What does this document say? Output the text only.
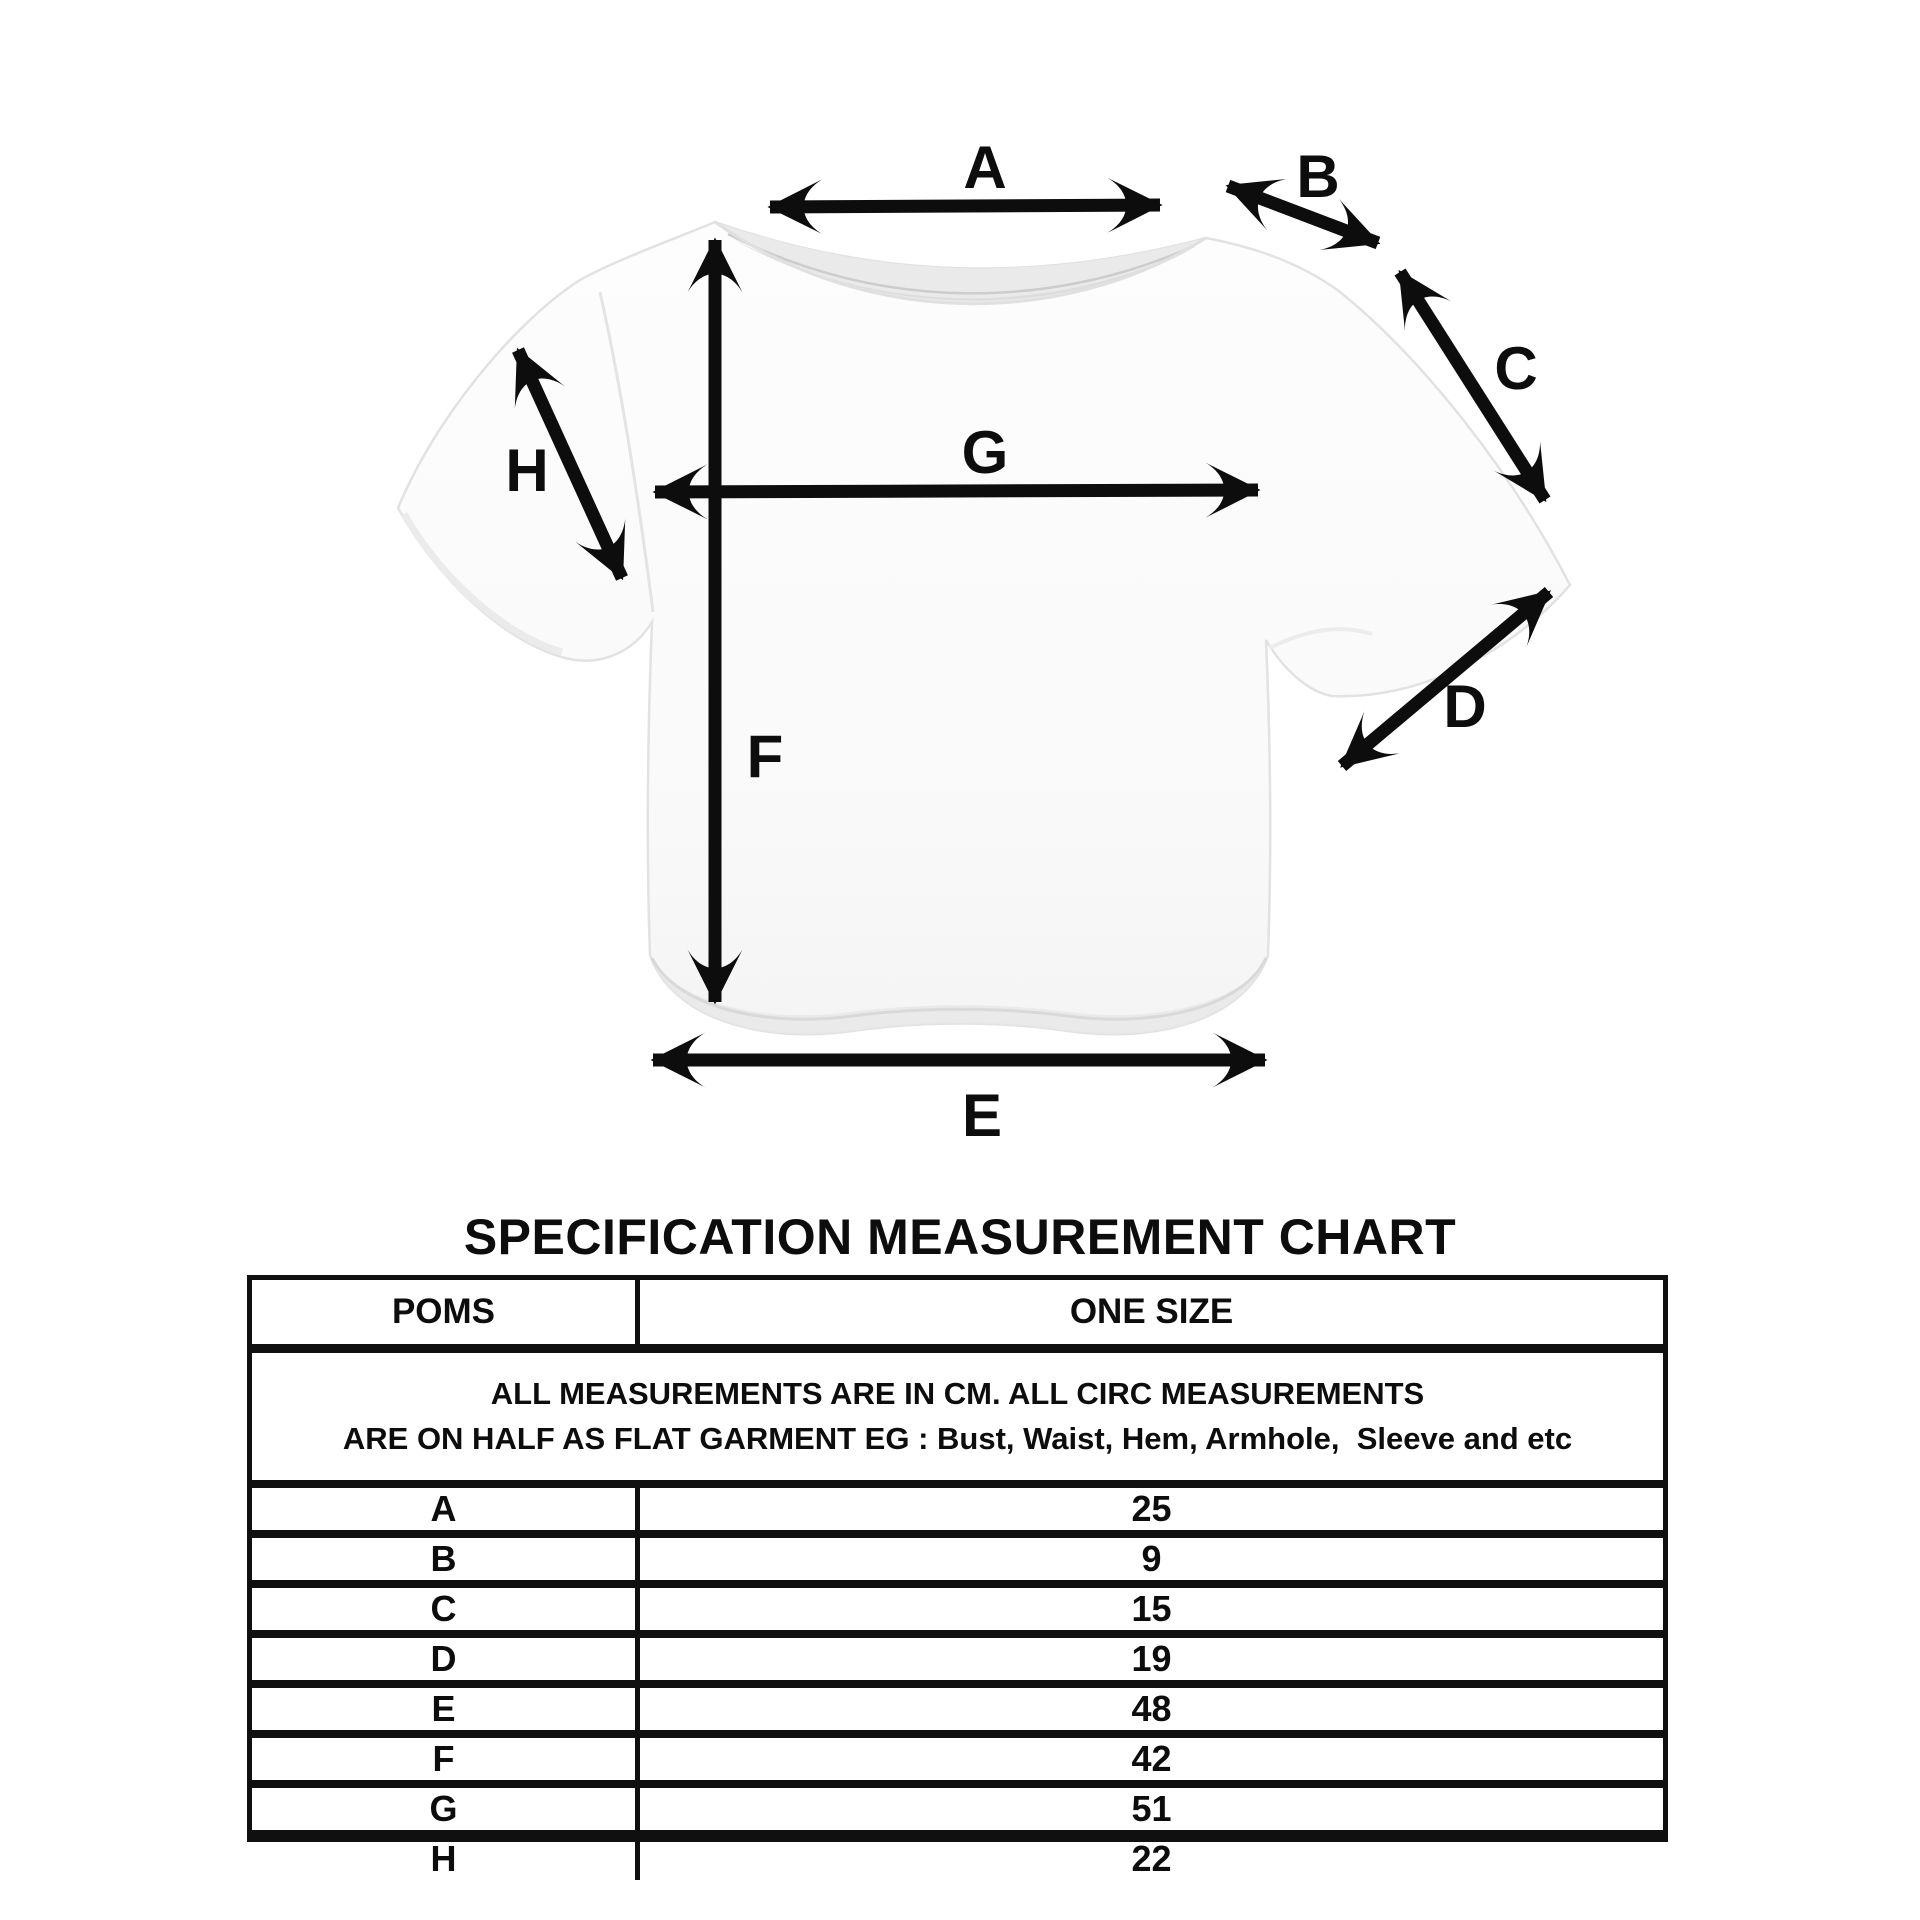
A	B
C
D
E
F
G
H
SPECIFICATION MEASUREMENT CHART
POMS	ONE SIZE
ALL MEASUREMENTS ARE IN CM. ALL CIRC MEASUREMENTS
ARE ON HALF AS FLAT GARMENT EG : Bust, Waist, Hem, Armhole,  Sleeve and etc
A	25
B	9
C	15
D	19
E	48
F	42
G	51
H	22
